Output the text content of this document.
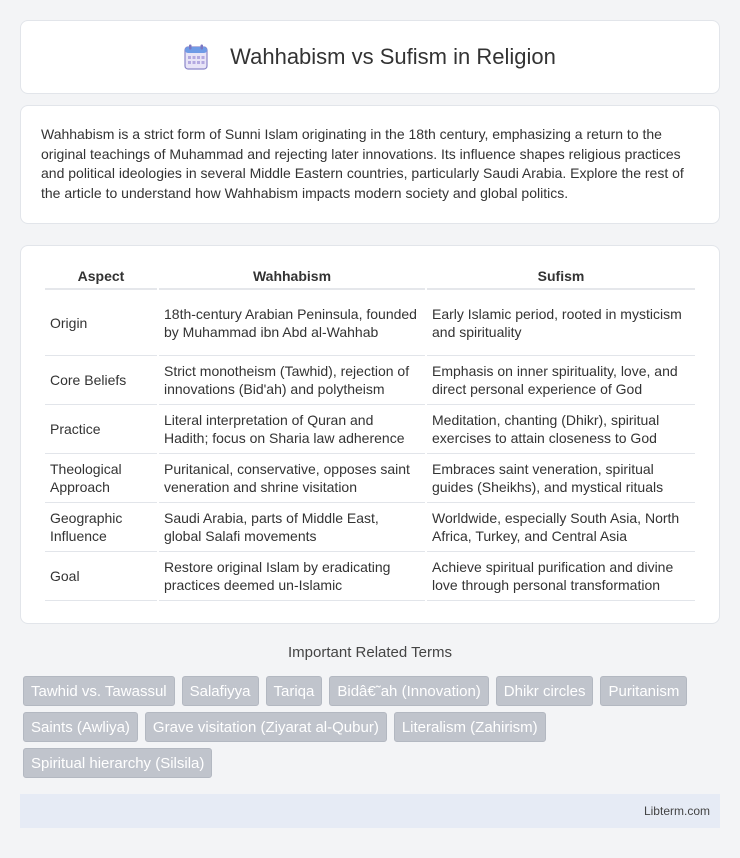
Wahhabism vs Sufism in Religion

Wahhabism is a strict form of Sunni Islam originating in the 18th century, emphasizing a return to the original teachings of Muhammad and rejecting later innovations. Its influence shapes religious practices and political ideologies in several Middle Eastern countries, particularly Saudi Arabia. Explore the rest of the article to understand how Wahhabism impacts modern society and global politics.

Aspect	Wahhabism	Sufism
Origin	18th-century Arabian Peninsula, founded by Muhammad ibn Abd al-Wahhab	Early Islamic period, rooted in mysticism and spirituality
Core Beliefs	Strict monotheism (Tawhid), rejection of innovations (Bid'ah) and polytheism	Emphasis on inner spirituality, love, and direct personal experience of God
Practice	Literal interpretation of Quran and Hadith; focus on Sharia law adherence	Meditation, chanting (Dhikr), spiritual exercises to attain closeness to God
Theological Approach	Puritanical, conservative, opposes saint veneration and shrine visitation	Embraces saint veneration, spiritual guides (Sheikhs), and mystical rituals
Geographic Influence	Saudi Arabia, parts of Middle East, global Salafi movements	Worldwide, especially South Asia, North Africa, Turkey, and Central Asia
Goal	Restore original Islam by eradicating practices deemed un-Islamic	Achieve spiritual purification and divine love through personal transformation
Important Related Terms
Tawhid vs. Tawassul	Salafiyya	Tariqa	Bidâ€˜ah (Innovation)	Dhikr circles	Puritanism
Saints (Awliya)	Grave visitation (Ziyarat al-Qubur)	Literalism (Zahirism)
Spiritual hierarchy (Silsila)
Libterm.com
